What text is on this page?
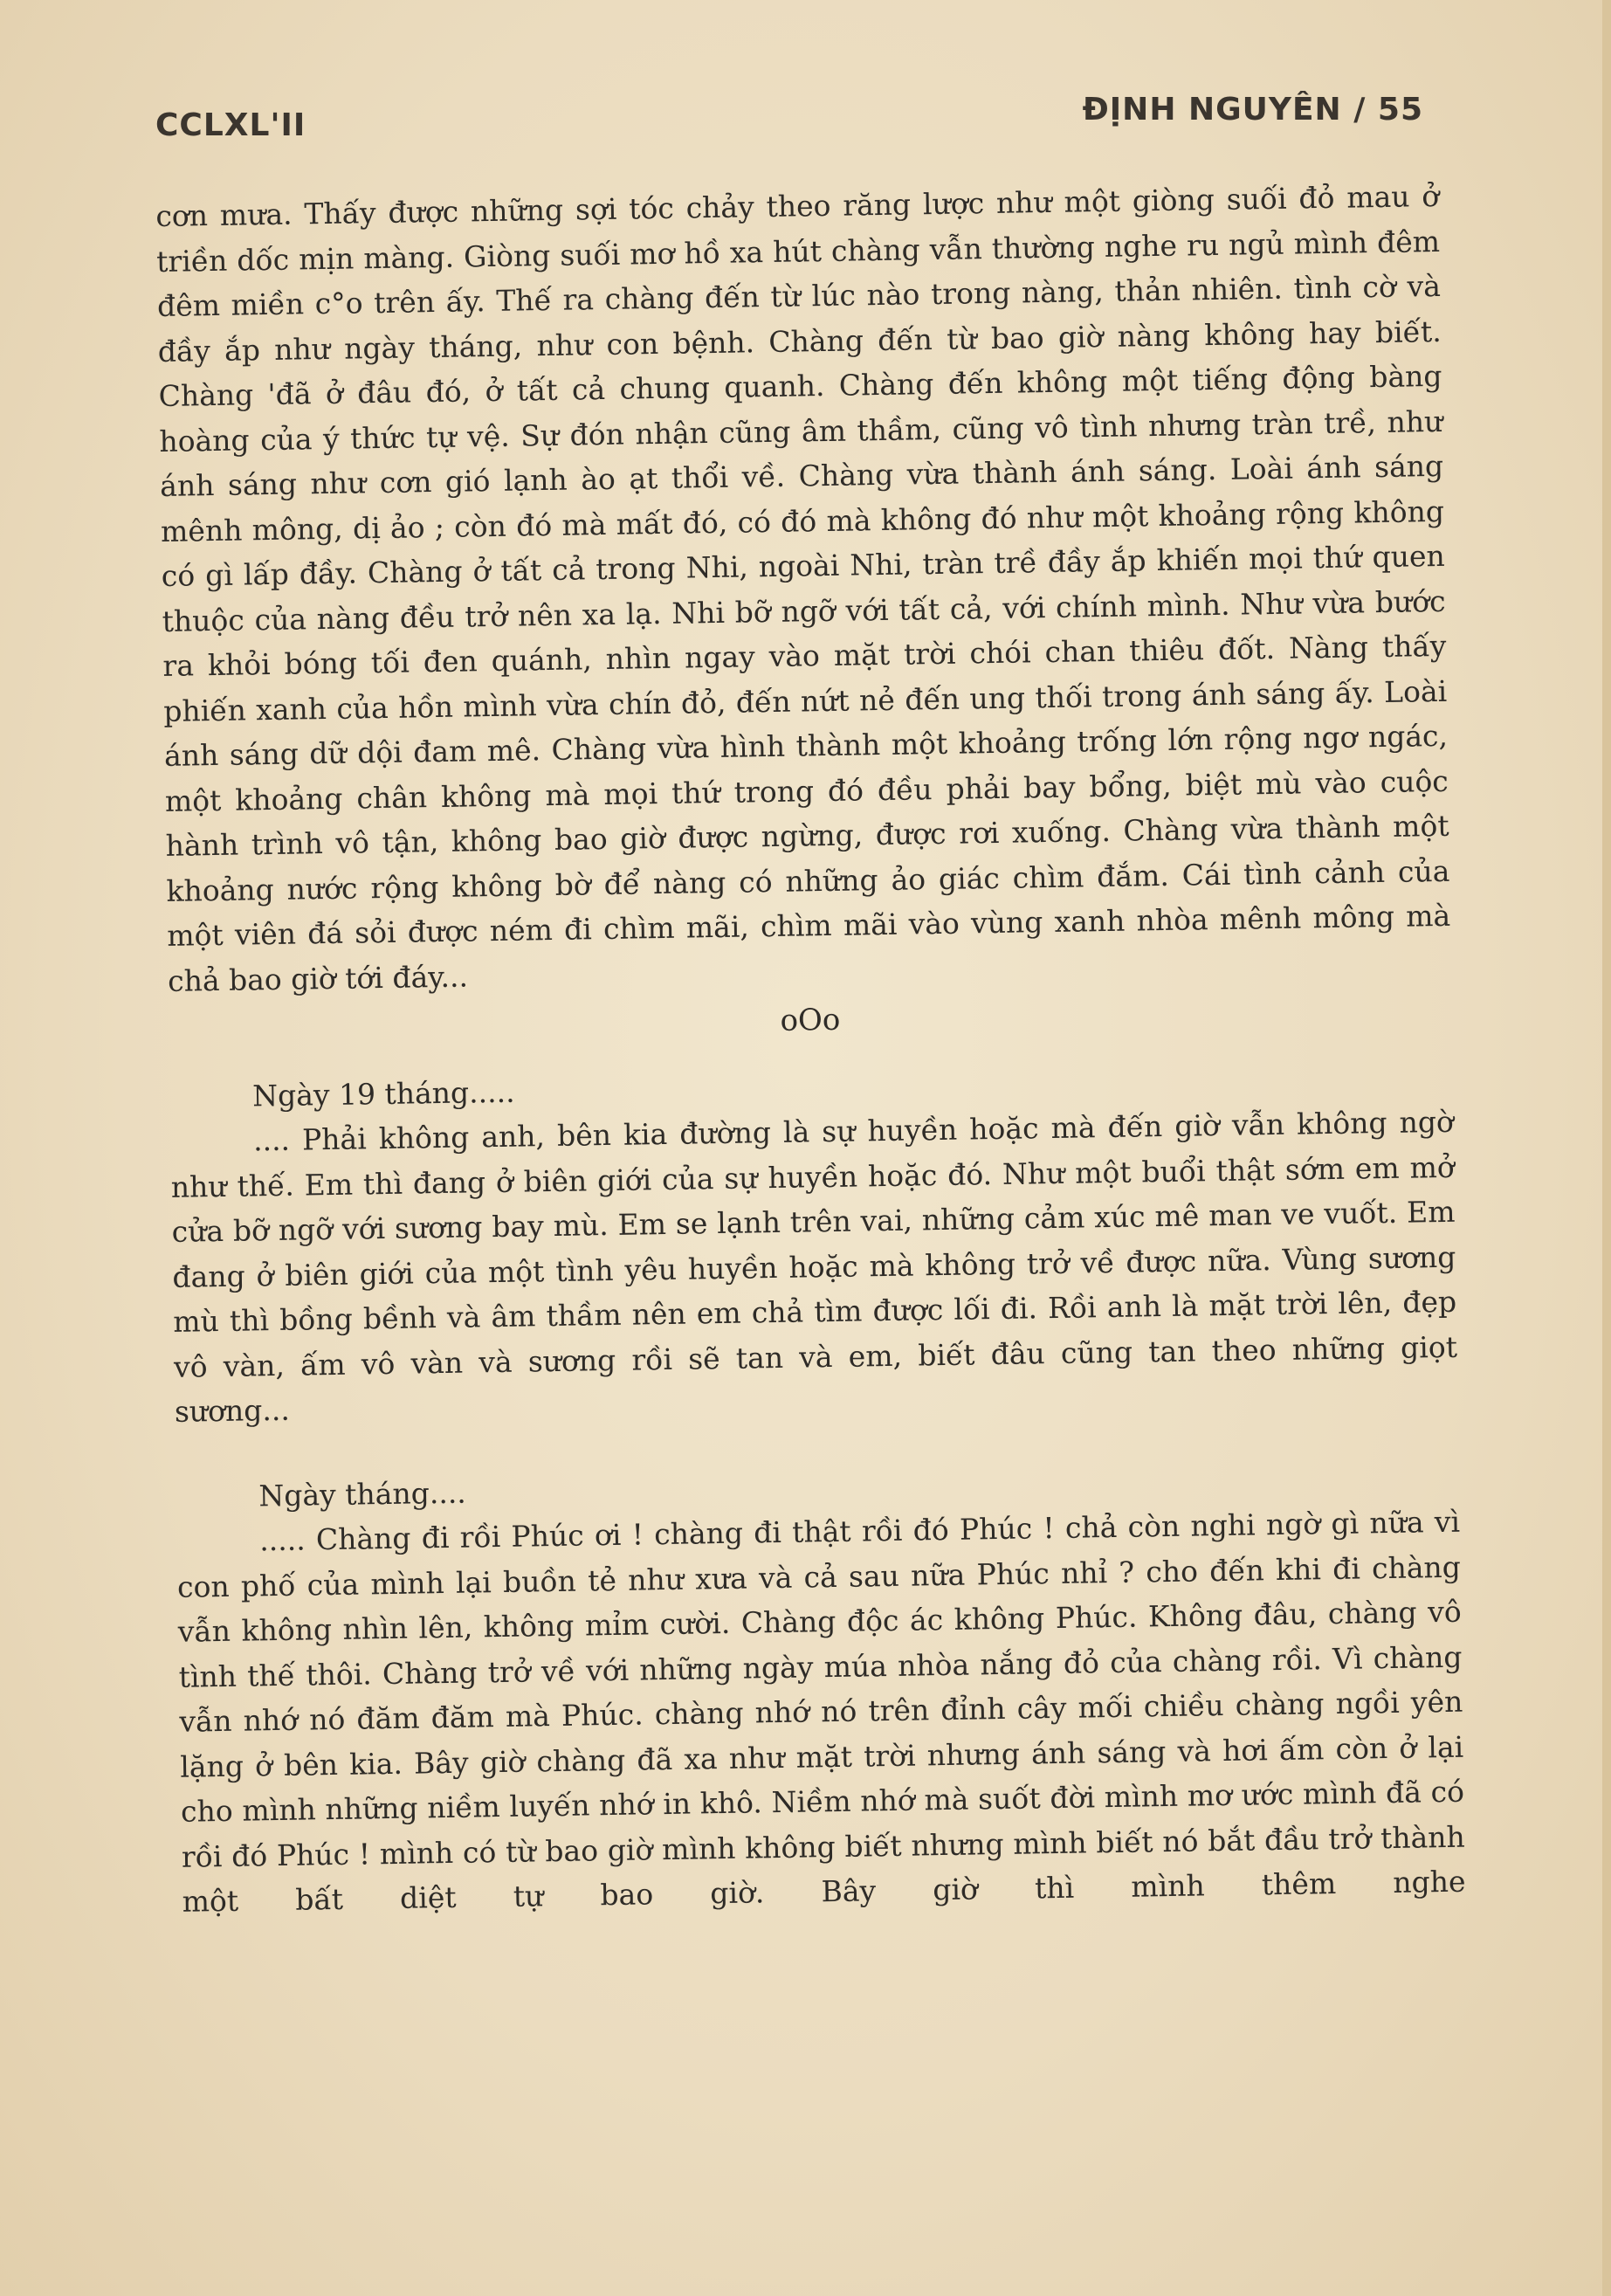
CCLXL'II	ĐỊNH NGUYÊN / 55

cơn mưa. Thấy được những sợi tóc chảy theo răng lược như một giòng suối đỏ mau ở triền dốc mịn màng. Giòng suối mơ hồ xa hút chàng vẫn thường nghe ru ngủ mình đêm đêm miền c°o trên ấy. Thế ra chàng đến từ lúc nào trong nàng, thản nhiên. tình cờ và đầy ắp như ngày tháng, như con bệnh. Chàng đến từ bao giờ nàng không hay biết. Chàng 'đã ở đâu đó, ở tất cả chung quanh. Chàng đến không một tiếng động bàng hoàng của ý thức tự vệ. Sự đón nhận cũng âm thầm, cũng vô tình nhưng tràn trề, như ánh sáng như cơn gió lạnh ào ạt thổi về. Chàng vừa thành ánh sáng. Loài ánh sáng mênh mông, dị ảo ; còn đó mà mất đó, có đó mà không đó như một khoảng rộng không có gì lấp đầy. Chàng ở tất cả trong Nhi, ngoài Nhi, tràn trề đầy ắp khiến mọi thứ quen thuộc của nàng đều trở nên xa lạ. Nhi bỡ ngỡ với tất cả, với chính mình. Như vừa bước ra khỏi bóng tối đen quánh, nhìn ngay vào mặt trời chói chan thiêu đốt. Nàng thấy phiến xanh của hồn mình vừa chín đỏ, đến nứt nẻ đến ung thối trong ánh sáng ấy. Loài ánh sáng dữ dội đam mê. Chàng vừa hình thành một khoảng trống lớn rộng ngơ ngác, một khoảng chân không mà mọi thứ trong đó đều phải bay bổng, biệt mù vào cuộc hành trình vô tận, không bao giờ được ngừng, được rơi xuống. Chàng vừa thành một khoảng nước rộng không bờ để nàng có những ảo giác chìm đắm. Cái tình cảnh của một viên đá sỏi được ném đi chìm mãi, chìm mãi vào vùng xanh nhòa mênh mông mà chả bao giờ tới đáy...

oOo
Ngày 19 tháng.....

.... Phải không anh, bên kia đường là sự huyền hoặc mà đến giờ vẫn không ngờ như thế. Em thì đang ở biên giới của sự huyền hoặc đó. Như một buổi thật sớm em mở cửa bỡ ngỡ với sương bay mù. Em se lạnh trên vai, những cảm xúc mê man ve vuốt. Em đang ở biên giới của một tình yêu huyền hoặc mà không trở về được nữa. Vùng sương mù thì bồng bềnh và âm thầm nên em chả tìm được lối đi. Rồi anh là mặt trời lên, đẹp vô vàn, ấm vô vàn và sương rồi sẽ tan và em, biết đâu cũng tan theo những giọt sương...

Ngày tháng....

..... Chàng đi rồi Phúc ơi ! chàng đi thật rồi đó Phúc ! chả còn nghi ngờ gì nữa vì con phố của mình lại buồn tẻ như xưa và cả sau nữa Phúc nhỉ ? cho đến khi đi chàng vẫn không nhìn lên, không mỉm cười. Chàng độc ác không Phúc. Không đâu, chàng vô tình thế thôi. Chàng trở về với những ngày múa nhòa nắng đỏ của chàng rồi. Vì chàng vẫn nhớ nó đăm đăm mà Phúc. chàng nhớ nó trên đỉnh cây mối chiều chàng ngồi yên lặng ở bên kia. Bây giờ chàng đã xa như mặt trời nhưng ánh sáng và hơi ấm còn ở lại cho mình những niềm luyến nhớ in khô. Niềm nhớ mà suốt đời mình mơ ước mình đã có rồi đó Phúc ! mình có từ bao giờ mình không biết nhưng mình biết nó bắt đầu trở thành một bất diệt tự bao giờ. Bây giờ thì mình thêm nghe
